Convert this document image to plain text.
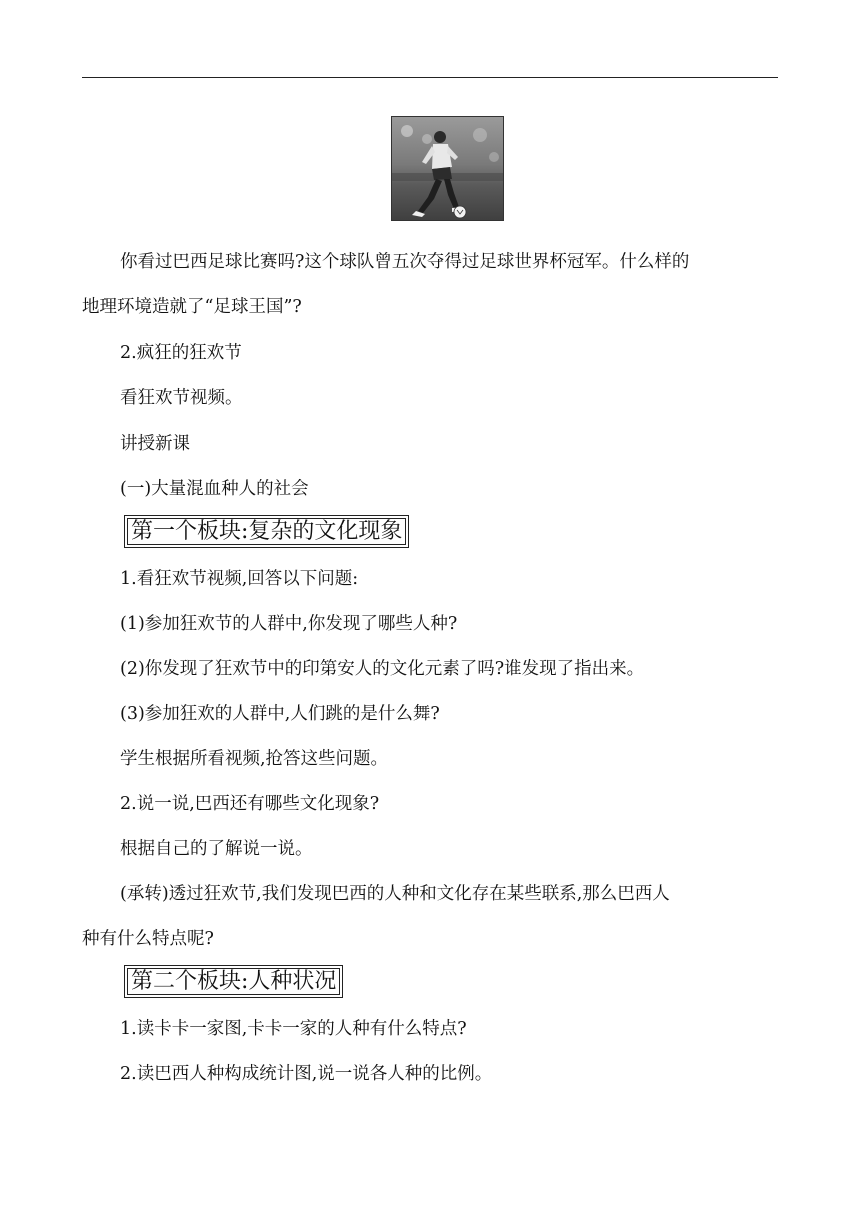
你看过巴西足球比赛吗?这个球队曾五次夺得过足球世界杯冠军。什么样的
地理环境造就了“足球王国”?
2.疯狂的狂欢节
看狂欢节视频。
讲授新课
(一)大量混血种人的社会
第一个板块:复杂的文化现象
1.看狂欢节视频,回答以下问题:
(1)参加狂欢节的人群中,你发现了哪些人种?
(2)你发现了狂欢节中的印第安人的文化元素了吗?谁发现了指出来。
(3)参加狂欢的人群中,人们跳的是什么舞?
学生根据所看视频,抢答这些问题。
2.说一说,巴西还有哪些文化现象?
根据自己的了解说一说。
(承转)透过狂欢节,我们发现巴西的人种和文化存在某些联系,那么巴西人
种有什么特点呢?
第二个板块:人种状况
1.读卡卡一家图,卡卡一家的人种有什么特点?
2.读巴西人种构成统计图,说一说各人种的比例。
